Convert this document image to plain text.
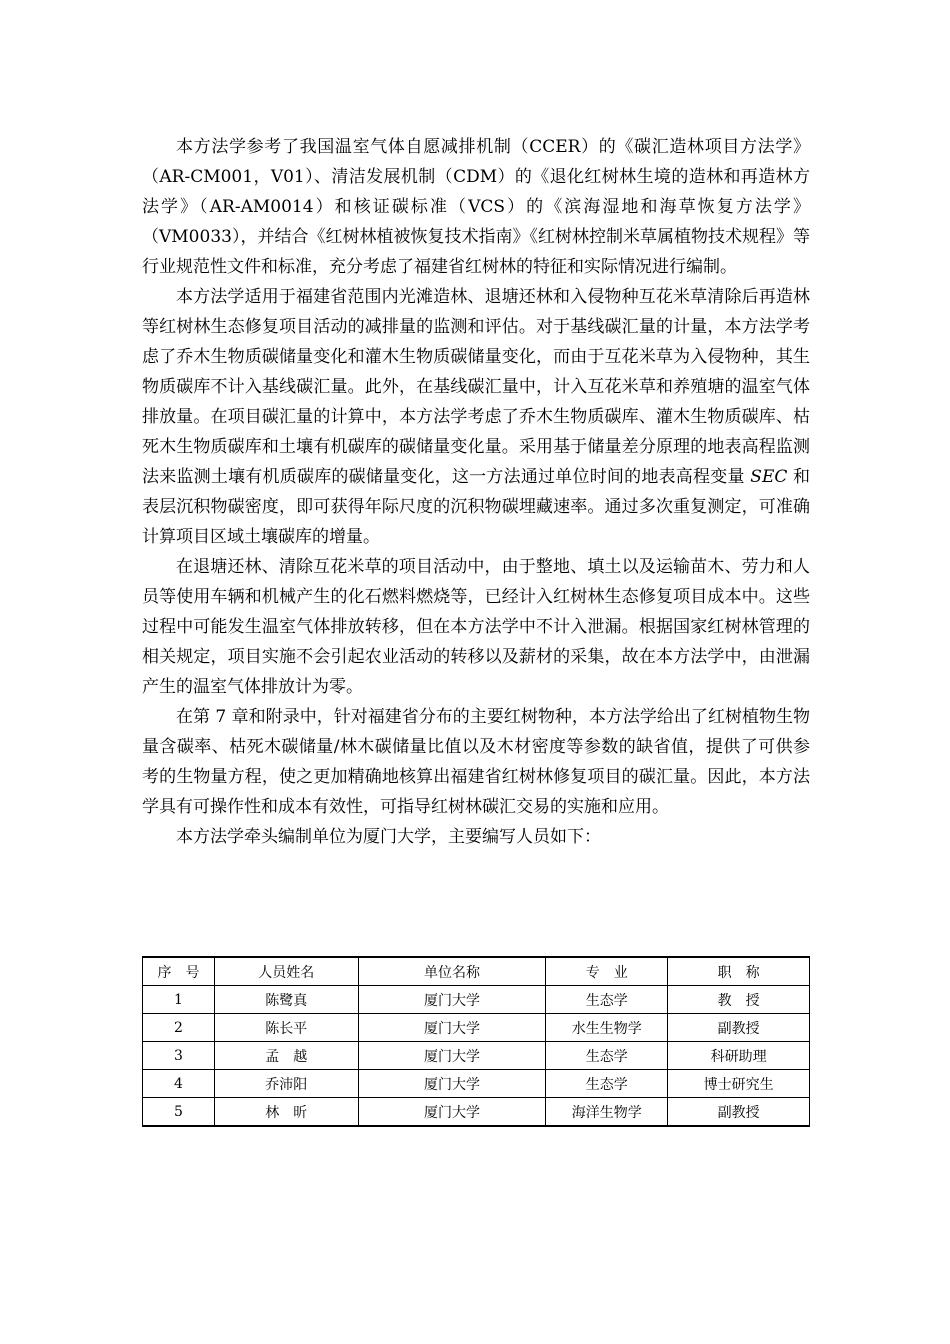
本方法学参考了我国温室气体自愿减排机制（CCER）的《碳汇造林项目方法学》（AR-CM001，V01）、清洁发展机制（CDM）的《退化红树林生境的造林和再造林方法学》（AR-AM0014）和核证碳标准（VCS）的《滨海湿地和海草恢复方法学》（VM0033），并结合《红树林植被恢复技术指南》《红树林控制米草属植物技术规程》等行业规范性文件和标准，充分考虑了福建省红树林的特征和实际情况进行编制。

本方法学适用于福建省范围内光滩造林、退塘还林和入侵物种互花米草清除后再造林等红树林生态修复项目活动的减排量的监测和评估。对于基线碳汇量的计量，本方法学考虑了乔木生物质碳储量变化和灌木生物质碳储量变化，而由于互花米草为入侵物种，其生物质碳库不计入基线碳汇量。此外，在基线碳汇量中，计入互花米草和养殖塘的温室气体排放量。在项目碳汇量的计算中，本方法学考虑了乔木生物质碳库、灌木生物质碳库、枯死木生物质碳库和土壤有机碳库的碳储量变化量。采用基于储量差分原理的地表高程监测法来监测土壤有机质碳库的碳储量变化，这一方法通过单位时间的地表高程变量 SEC 和表层沉积物碳密度，即可获得年际尺度的沉积物碳埋藏速率。通过多次重复测定，可准确计算项目区域土壤碳库的增量。

在退塘还林、清除互花米草的项目活动中，由于整地、填土以及运输苗木、劳力和人员等使用车辆和机械产生的化石燃料燃烧等，已经计入红树林生态修复项目成本中。这些过程中可能发生温室气体排放转移，但在本方法学中不计入泄漏。根据国家红树林管理的相关规定，项目实施不会引起农业活动的转移以及薪材的采集，故在本方法学中，由泄漏产生的温室气体排放计为零。

在第 7 章和附录中，针对福建省分布的主要红树物种，本方法学给出了红树植物生物量含碳率、枯死木碳储量/林木碳储量比值以及木材密度等参数的缺省值，提供了可供参考的生物量方程，使之更加精确地核算出福建省红树林修复项目的碳汇量。因此，本方法学具有可操作性和成本有效性，可指导红树林碳汇交易的实施和应用。

本方法学牵头编制单位为厦门大学，主要编写人员如下：

序　号	人员姓名	单位名称	专　业	职　称
1	陈鹭真	厦门大学	生态学	教　授
2	陈长平	厦门大学	水生生物学	副教授
3	孟　越	厦门大学	生态学	科研助理
4	乔沛阳	厦门大学	生态学	博士研究生
5	林　昕	厦门大学	海洋生物学	副教授
